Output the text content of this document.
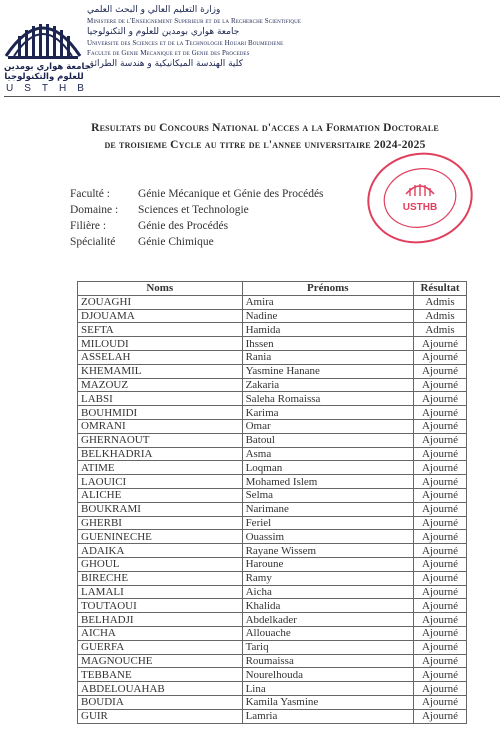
جامعة هواري بومدين
للعلوم والتكنولوجيا
USTHB
وزارة التعليم العالي و البحث العلمي
Ministere de l'Enseignement Superieur et de la Recherche Scientifique
جامعة هواري بومدين للعلوم و التكنولوجيا
Universite des Sciences et de la Technologie Houari Boumediene
Faculte de Genie Mecanique et de Genie des Procedes
كلية الهندسة الميكانيكية و هندسة الطرائق
Resultats du Concours National d'acces a la Formation Doctorale
de troisieme Cycle au titre de l'annee universitaire 2024-2025
Faculté :	Génie Mécanique et Génie des Procédés
Domaine :	Sciences et Technologie
Filière :	Génie des Procédés
Spécialité	Génie Chimique
USTHB
Noms	Prénoms	Résultat
ZOUAGHI	Amira	Admis
DJOUAMA	Nadine	Admis
SEFTA	Hamida	Admis
MILOUDI	Ihssen	Ajourné
ASSELAH	Rania	Ajourné
KHEMAMIL	Yasmine Hanane	Ajourné
MAZOUZ	Zakaria	Ajourné
LABSI	Saleha Romaissa	Ajourné
BOUHMIDI	Karima	Ajourné
OMRANI	Omar	Ajourné
GHERNAOUT	Batoul	Ajourné
BELKHADRIA	Asma	Ajourné
ATIME	Loqman	Ajourné
LAOUICI	Mohamed Islem	Ajourné
ALICHE	Selma	Ajourné
BOUKRAMI	Narimane	Ajourné
GHERBI	Feriel	Ajourné
GUENINECHE	Ouassim	Ajourné
ADAIKA	Rayane Wissem	Ajourné
GHOUL	Haroune	Ajourné
BIRECHE	Ramy	Ajourné
LAMALI	Aicha	Ajourné
TOUTAOUI	Khalida	Ajourné
BELHADJI	Abdelkader	Ajourné
AICHA	Allouache	Ajourné
GUERFA	Tariq	Ajourné
MAGNOUCHE	Roumaissa	Ajourné
TEBBANE	Nourelhouda	Ajourné
ABDELOUAHAB	Lina	Ajourné
BOUDIA	Kamila Yasmine	Ajourné
GUIR	Lamria	Ajourné
